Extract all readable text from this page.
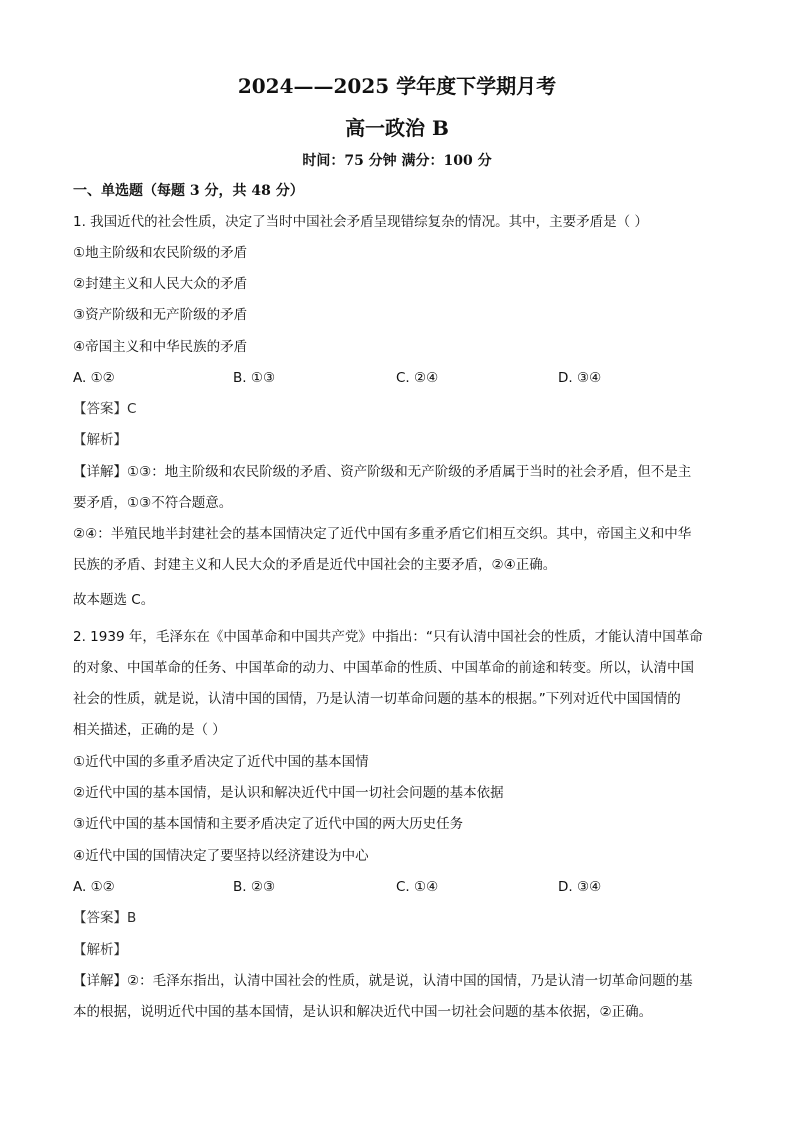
2024——2025 学年度下学期月考
高一政治 B
时间：75 分钟 满分：100 分
一、单选题（每题 3 分，共 48 分）
1. 我国近代的社会性质，决定了当时中国社会矛盾呈现错综复杂的情况。其中，主要矛盾是（ ）
①地主阶级和农民阶级的矛盾
②封建主义和人民大众的矛盾
③资产阶级和无产阶级的矛盾
④帝国主义和中华民族的矛盾
A. ①②	B. ①③	C. ②④	D. ③④
【答案】C
【解析】
【详解】①③：地主阶级和农民阶级的矛盾、资产阶级和无产阶级的矛盾属于当时的社会矛盾，但不是主
要矛盾，①③不符合题意。
②④：半殖民地半封建社会的基本国情决定了近代中国有多重矛盾它们相互交织。其中，帝国主义和中华
民族的矛盾、封建主义和人民大众的矛盾是近代中国社会的主要矛盾，②④正确。
故本题选 C。
2. 1939 年，毛泽东在《中国革命和中国共产党》中指出：“只有认清中国社会的性质，才能认清中国革命
的对象、中国革命的任务、中国革命的动力、中国革命的性质、中国革命的前途和转变。所以，认清中国
社会的性质，就是说，认清中国的国情，乃是认清一切革命问题的基本的根据。”下列对近代中国国情的
相关描述，正确的是（ ）
①近代中国的多重矛盾决定了近代中国的基本国情
②近代中国的基本国情，是认识和解决近代中国一切社会问题的基本依据
③近代中国的基本国情和主要矛盾决定了近代中国的两大历史任务
④近代中国的国情决定了要坚持以经济建设为中心
A. ①②	B. ②③	C. ①④	D. ③④
【答案】B
【解析】
【详解】②：毛泽东指出，认清中国社会的性质，就是说，认清中国的国情，乃是认清一切革命问题的基
本的根据，说明近代中国的基本国情，是认识和解决近代中国一切社会问题的基本依据，②正确。
